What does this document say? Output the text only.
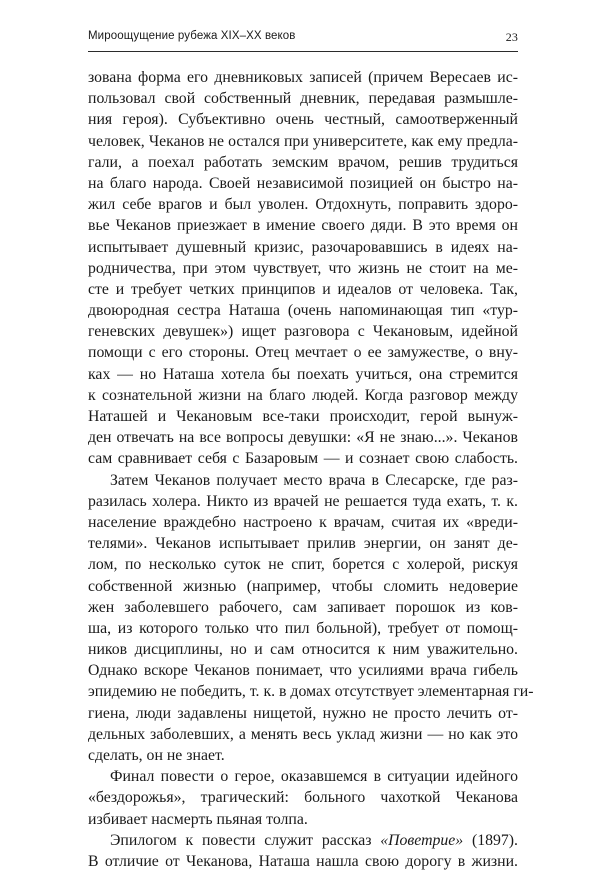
Мироощущение рубежа XIX–XX веков	23
зована форма его дневниковых записей (причем Вересаев ис-
пользовал свой собственный дневник, передавая размышле-
ния героя). Субъективно очень честный, самоотверженный
человек, Чеканов не остался при университете, как ему предла-
гали, а поехал работать земским врачом, решив трудиться
на благо народа. Своей независимой позицией он быстро на-
жил себе врагов и был уволен. Отдохнуть, поправить здоро-
вье Чеканов приезжает в имение своего дяди. В это время он
испытывает душевный кризис, разочаровавшись в идеях на-
родничества, при этом чувствует, что жизнь не стоит на ме-
сте и требует четких принципов и идеалов от человека. Так,
двоюродная сестра Наташа (очень напоминающая тип «тур-
геневских девушек») ищет разговора с Чекановым, идейной
помощи с его стороны. Отец мечтает о ее замужестве, о вну-
ках — но Наташа хотела бы поехать учиться, она стремится
к сознательной жизни на благо людей. Когда разговор между
Наташей и Чекановым все-таки происходит, герой вынуж-
ден отвечать на все вопросы девушки: «Я не знаю...». Чеканов
сам сравнивает себя с Базаровым — и сознает свою слабость.
Затем Чеканов получает место врача в Слесарске, где раз-
разилась холера. Никто из врачей не решается туда ехать, т. к.
население враждебно настроено к врачам, считая их «вреди-
телями». Чеканов испытывает прилив энергии, он занят де-
лом, по несколько суток не спит, борется с холерой, рискуя
собственной жизнью (например, чтобы сломить недоверие
жен заболевшего рабочего, сам запивает порошок из ков-
ша, из которого только что пил больной), требует от помощ-
ников дисциплины, но и сам относится к ним уважительно.
Однако вскоре Чеканов понимает, что усилиями врача гибель
эпидемию не победить, т. к. в домах отсутствует элементарная ги-
гиена, люди задавлены нищетой, нужно не просто лечить от-
дельных заболевших, а менять весь уклад жизни — но как это
сделать, он не знает.
Финал повести о герое, оказавшемся в ситуации идейного
«бездорожья», трагический: больного чахоткой Чеканова
избивает насмерть пьяная толпа.
Эпилогом к повести служит рассказ «Поветрие» (1897).
В отличие от Чеканова, Наташа нашла свою дорогу в жизни.
